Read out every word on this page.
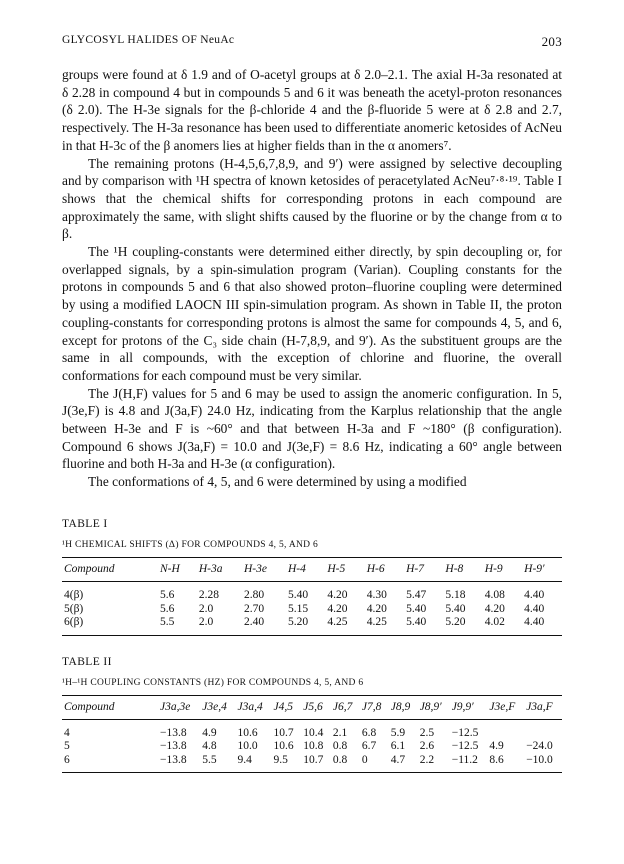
GLYCOSYL HALIDES OF NeuAc	203

groups were found at δ 1.9 and of O-acetyl groups at δ 2.0–2.1. The axial H-3a resonated at δ 2.28 in compound 4 but in compounds 5 and 6 it was beneath the acetyl-proton resonances (δ 2.0). The H-3e signals for the β-chloride 4 and the β-fluoride 5 were at δ 2.8 and 2.7, respectively. The H-3a resonance has been used to differentiate anomeric ketosides of AcNeu in that H-3c of the β anomers lies at higher fields than in the α anomers⁷.

The remaining protons (H-4,5,6,7,8,9, and 9′) were assigned by selective decoupling and by comparison with ¹H spectra of known ketosides of peracetylated AcNeu⁷·⁸·¹⁹. Table I shows that the chemical shifts for corresponding protons in each compound are approximately the same, with slight shifts caused by the fluorine or by the change from α to β.

The ¹H coupling-constants were determined either directly, by spin decoupling or, for overlapped signals, by a spin-simulation program (Varian). Coupling constants for the protons in compounds 5 and 6 that also showed proton–fluorine coupling were determined by using a modified LAOCN III spin-simulation program. As shown in Table II, the proton coupling-constants for corresponding protons is almost the same for compounds 4, 5, and 6, except for protons of the C₃ side chain (H-7,8,9, and 9′). As the substituent groups are the same in all compounds, with the exception of chlorine and fluorine, the overall conformations for each compound must be very similar.

The J(H,F) values for 5 and 6 may be used to assign the anomeric configuration. In 5, J(3e,F) is 4.8 and J(3a,F) 24.0 Hz, indicating from the Karplus relationship that the angle between H-3e and F is ~60° and that between H-3a and F ~180° (β configuration). Compound 6 shows J(3a,F) = 10.0 and J(3e,F) = 8.6 Hz, indicating a 60° angle between fluorine and both H-3a and H-3e (α configuration).

The conformations of 4, 5, and 6 were determined by using a modified

TABLE I

¹H CHEMICAL SHIFTS (Δ) FOR COMPOUNDS 4, 5, AND 6

Compound	N-H	H-3a	H-3e	H-4	H-5	H-6	H-7	H-8	H-9	H-9′
4(β)	5.6	2.28	2.80	5.40	4.20	4.30	5.47	5.18	4.08	4.40
5(β)	5.6	2.0	2.70	5.15	4.20	4.20	5.40	5.40	4.20	4.40
6(β)	5.5	2.0	2.40	5.20	4.25	4.25	5.40	5.20	4.02	4.40

TABLE II

¹H–¹H COUPLING CONSTANTS (HZ) FOR COMPOUNDS 4, 5, AND 6

Compound	J3a,3e	J3e,4	J3a,4	J4,5	J5,6	J6,7	J7,8	J8,9	J8,9′	J9,9′	J3e,F	J3a,F
4	−13.8	4.9	10.6	10.7	10.4	2.1	6.8	5.9	2.5	−12.5		
5	−13.8	4.8	10.0	10.6	10.8	0.8	6.7	6.1	2.6	−12.5	4.9	−24.0
6	−13.8	5.5	9.4	9.5	10.7	0.8	0	4.7	2.2	−11.2	8.6	−10.0
